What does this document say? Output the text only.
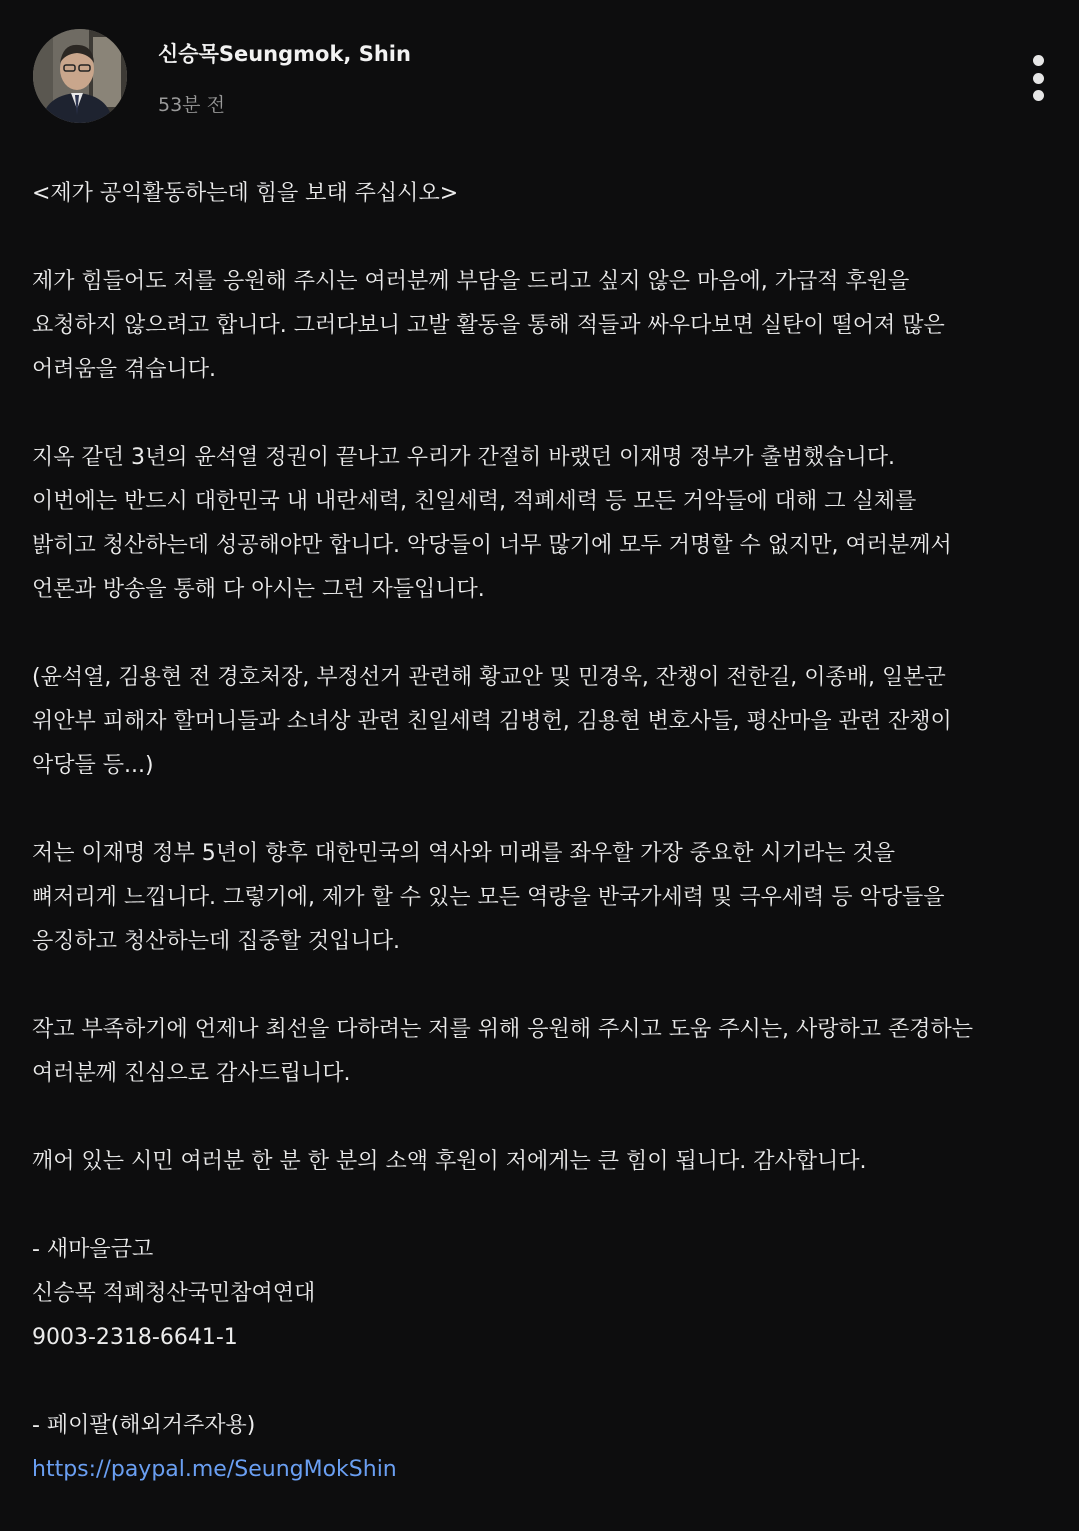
신승목Seungmok, Shin
53분 전

<제가 공익활동하는데 힘을 보태 주십시오>

제가 힘들어도 저를 응원해 주시는 여러분께 부담을 드리고 싶지 않은 마음에, 가급적 후원을
요청하지 않으려고 합니다. 그러다보니 고발 활동을 통해 적들과 싸우다보면 실탄이 떨어져 많은
어려움을 겪습니다.

지옥 같던 3년의 윤석열 정권이 끝나고 우리가 간절히 바랬던 이재명 정부가 출범했습니다.
이번에는 반드시 대한민국 내 내란세력, 친일세력, 적폐세력 등 모든 거악들에 대해 그 실체를
밝히고 청산하는데 성공해야만 합니다. 악당들이 너무 많기에 모두 거명할 수 없지만, 여러분께서
언론과 방송을 통해 다 아시는 그런 자들입니다.

(윤석열, 김용현 전 경호처장, 부정선거 관련해 황교안 및 민경욱, 잔챙이 전한길, 이종배, 일본군
위안부 피해자 할머니들과 소녀상 관련 친일세력 김병헌, 김용현 변호사들, 평산마을 관련 잔챙이
악당들 등...)

저는 이재명 정부 5년이 향후 대한민국의 역사와 미래를 좌우할 가장 중요한 시기라는 것을
뼈저리게 느낍니다. 그렇기에, 제가 할 수 있는 모든 역량을 반국가세력 및 극우세력 등 악당들을
응징하고 청산하는데 집중할 것입니다.

작고 부족하기에 언제나 최선을 다하려는 저를 위해 응원해 주시고 도움 주시는, 사랑하고 존경하는
여러분께 진심으로 감사드립니다.

깨어 있는 시민 여러분 한 분 한 분의 소액 후원이 저에게는 큰 힘이 됩니다. 감사합니다.

- 새마을금고
신승목 적폐청산국민참여연대
9003-2318-6641-1

- 페이팔(해외거주자용)
https://paypal.me/SeungMokShin
